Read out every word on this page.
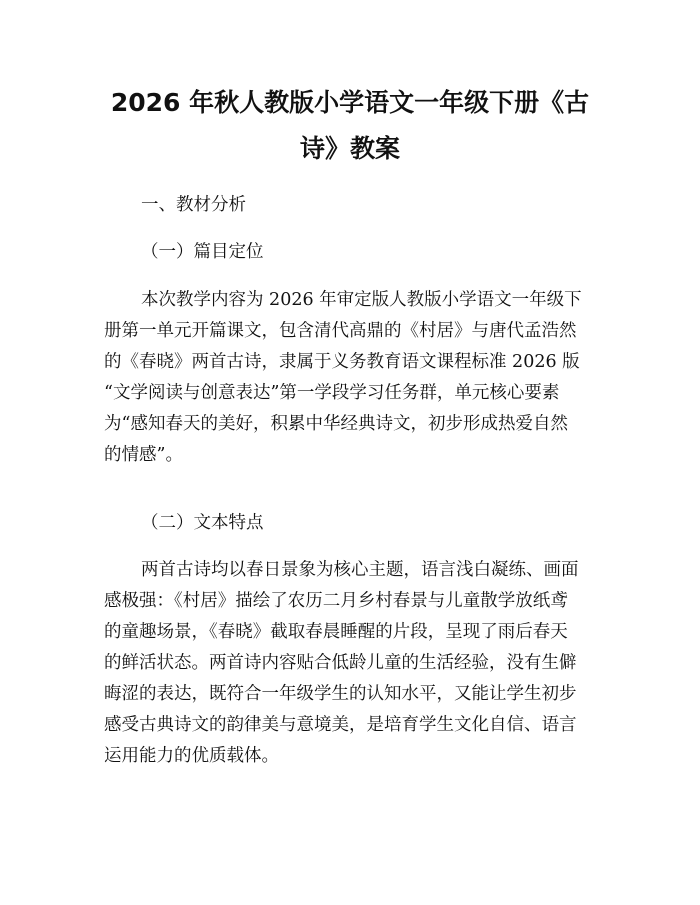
2026 年秋人教版小学语文一年级下册《古
诗》教案

一、教材分析

（一）篇目定位

本次教学内容为 2026 年审定版人教版小学语文一年级下
册第一单元开篇课文，包含清代高鼎的《村居》与唐代孟浩然
的《春晓》两首古诗，隶属于义务教育语文课程标准 2026 版
“文学阅读与创意表达”第一学段学习任务群，单元核心要素
为“感知春天的美好，积累中华经典诗文，初步形成热爱自然
的情感”。

（二）文本特点

两首古诗均以春日景象为核心主题，语言浅白凝练、画面
感极强：《村居》描绘了农历二月乡村春景与儿童散学放纸鸢
的童趣场景，《春晓》截取春晨睡醒的片段，呈现了雨后春天
的鲜活状态。两首诗内容贴合低龄儿童的生活经验，没有生僻
晦涩的表达，既符合一年级学生的认知水平，又能让学生初步
感受古典诗文的韵律美与意境美，是培育学生文化自信、语言
运用能力的优质载体。
